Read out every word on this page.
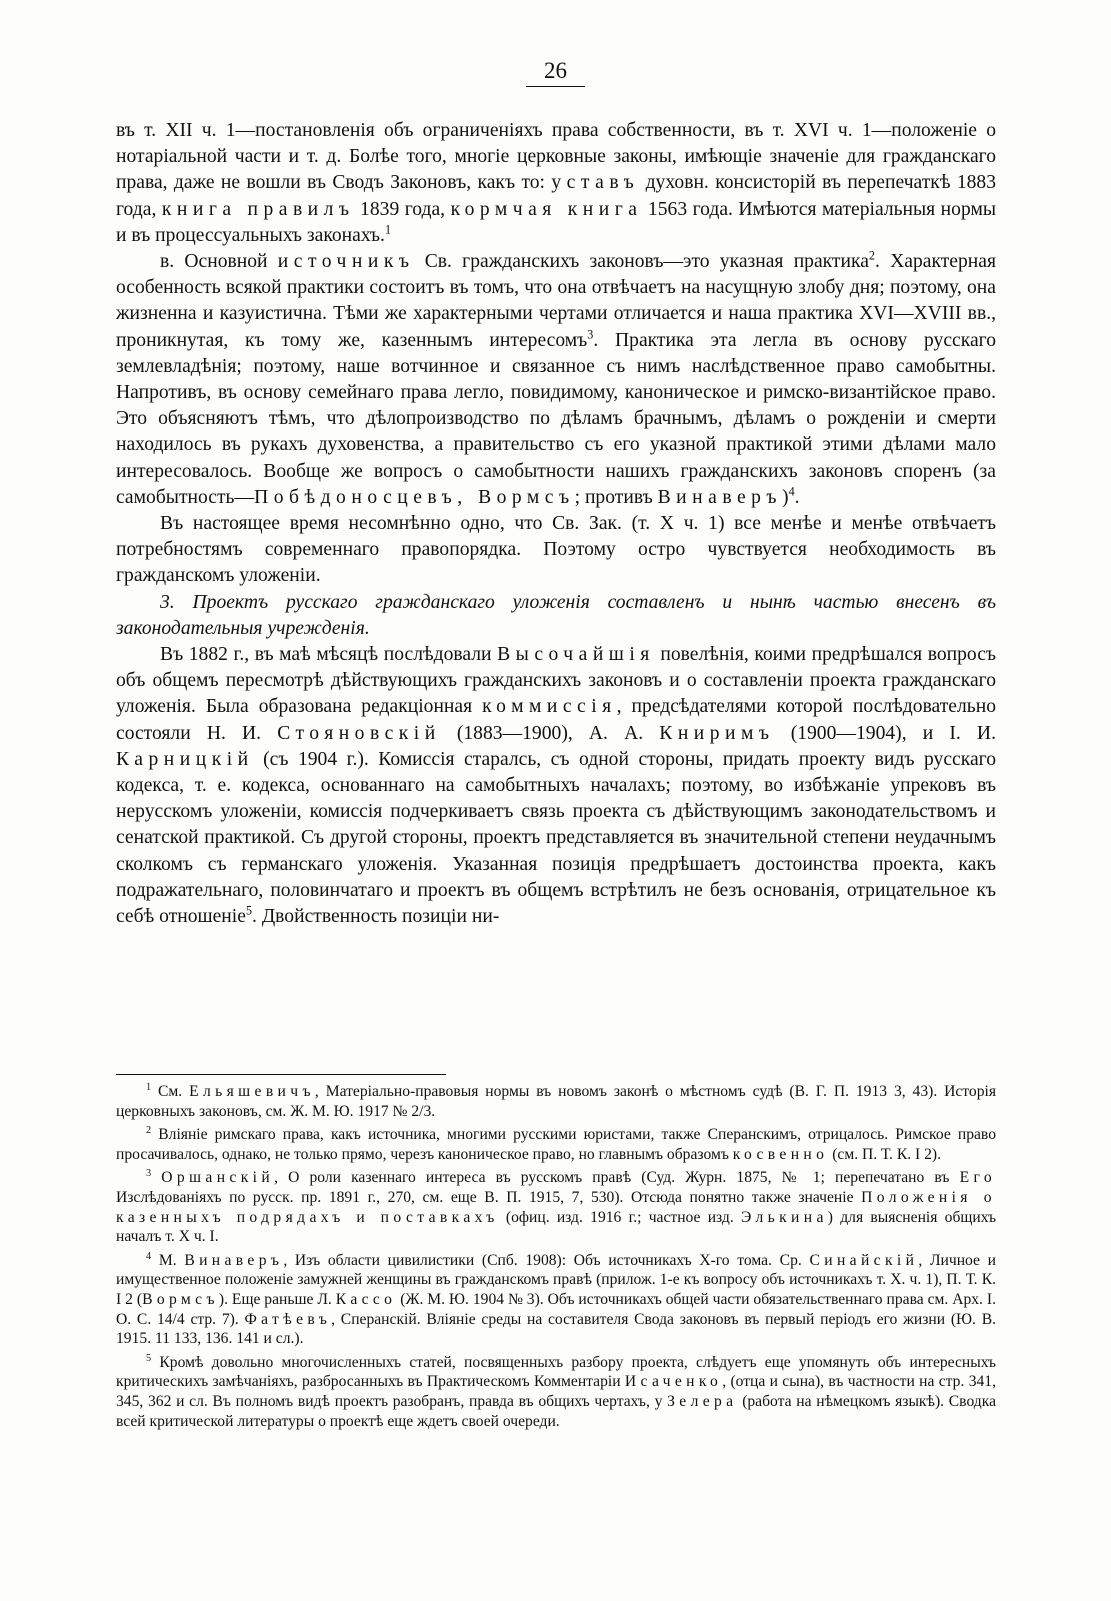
26

въ т. XII ч. 1—постановленія объ ограниченіяхъ права собственности, въ т. XVI ч. 1—положеніе о нотаріальной части и т. д. Болѣе того, многіе церковные законы, имѣющіе значеніе для гражданскаго права, даже не вошли въ Сводъ Законовъ, какъ то: уставъ духовн. консисторій въ перепечаткѣ 1883 года, книга правилъ 1839 года, кормчая книга 1563 года. Имѣются матеріальныя нормы и въ процессуальныхъ законахъ.$^1$

в. Основной источникъ Св. гражданскихъ законовъ—это указная практика$^2$. Характерная особенность всякой практики состоитъ въ томъ, что она отвѣчаетъ на насущную злобу дня; поэтому, она жизненна и казуистична. Тѣми же характерными чертами отличается и наша практика XVI—XVIII вв., проникнутая, къ тому же, казеннымъ интересомъ$^3$. Практика эта легла въ основу русскаго землевладѣнія; поэтому, наше вотчинное и связанное съ нимъ наслѣдственное право самобытны. Напротивъ, въ основу семейнаго права легло, повидимому, каноническое и римско-византійское право. Это объясняютъ тѣмъ, что дѣлопроизводство по дѣламъ брачнымъ, дѣламъ о рожденіи и смерти находилось въ рукахъ духовенства, а правительство съ его указной практикой этими дѣлами мало интересовалось. Вообще же вопросъ о самобытности нашихъ гражданскихъ законовъ споренъ (за самобытность—Побѣдоносцевъ, Вормсъ; противъ Винаверъ)$^4$.

Въ настоящее время несомнѣнно одно, что Св. Зак. (т. X ч. 1) все менѣе и менѣе отвѣчаетъ потребностямъ современнаго правопорядка. Поэтому остро чувствуется необходимость въ гражданскомъ уложеніи.

3. Проектъ русскаго гражданскаго уложенія составленъ и нынѣ частью внесенъ въ законодательныя учрежденія.

Въ 1882 г., въ маѣ мѣсяцѣ послѣдовали Высочайшія повелѣнія, коими предрѣшался вопросъ объ общемъ пересмотрѣ дѣйствующихъ гражданскихъ законовъ и о составленіи проекта гражданскаго уложенія. Была образована редакціонная коммиссія, предсѣдателями которой послѣдовательно состояли Н. И. Стояновскій (1883—1900), А. А. Книримъ (1900—1904), и I. И. Карницкій (съ 1904 г.). Комиссія старалсь, съ одной стороны, придать проекту видъ русскаго кодекса, т. е. кодекса, основаннаго на самобытныхъ началахъ; поэтому, во избѣжаніе упрековъ въ нерусскомъ уложеніи, комиссія подчеркиваетъ связь проекта съ дѣйствующимъ законодательствомъ и сенатской практикой. Съ другой стороны, проектъ представляется въ значительной степени неудачнымъ сколкомъ съ германскаго уложенія. Указанная позиція предрѣшаетъ достоинства проекта, какъ подражательнаго, половинчатаго и проектъ въ общемъ встрѣтилъ не безъ основанія, отрицательное къ себѣ отношеніе$^5$. Двойственность позиціи ни-

$^1$ См. Ельяшевичъ, Матеріально-правовыя нормы въ новомъ законѣ о мѣстномъ судѣ (В. Г. П. 1913 3, 43). Исторія церковныхъ законовъ, см. Ж. М. Ю. 1917 № 2/3.

$^2$ Вліяніе римскаго права, какъ источника, многими русскими юристами, также Сперанскимъ, отрицалось. Римское право просачивалось, однако, не только прямо, черезъ каноническое право, но главнымъ образомъ косвенно (см. П. Т. К. I 2).

$^3$ Оршанскій, О роли казеннаго интереса въ русскомъ правѣ (Суд. Журн. 1875, № 1; перепечатано въ Его Изслѣдованіяхъ по русск. пр. 1891 г., 270, см. еще В. П. 1915, 7, 530). Отсюда понятно также значеніе Положенія о казенныхъ подрядахъ и поставкахъ (офиц. изд. 1916 г.; частное изд. Элькина) для выясненія общихъ началъ т. X ч. I.

$^4$ М. Винаверъ, Изъ области цивилистики (Спб. 1908): Объ источникахъ X-го тома. Ср. Синайскій, Личное и имущественное положеніе замужней женщины въ гражданскомъ правѣ (прилож. 1-е къ вопросу объ источникахъ т. X. ч. 1), П. Т. К. I 2 (Вормсъ). Еще раньше Л. Кассо (Ж. М. Ю. 1904 № 3). Объ источникахъ общей части обязательственнаго права см. Арх. I. О. С. 14/4 стр. 7). Фатѣевъ, Сперанскій. Вліяніе среды на составителя Свода законовъ въ первый періодъ его жизни (Ю. В. 1915. 11 133, 136. 141 и сл.).

$^5$ Кромѣ довольно многочисленныхъ статей, посвященныхъ разбору проекта, слѣдуетъ еще упомянуть объ интересныхъ критическихъ замѣчаніяхъ, разбросанныхъ въ Практическомъ Комментаріи Исаченко, (отца и сына), въ частности на стр. 341, 345, 362 и сл. Въ полномъ видѣ проектъ разобранъ, правда въ общихъ чертахъ, у Зелера (работа на нѣмецкомъ языкѣ). Сводка всей критической литературы о проектѣ еще ждетъ своей очереди.
